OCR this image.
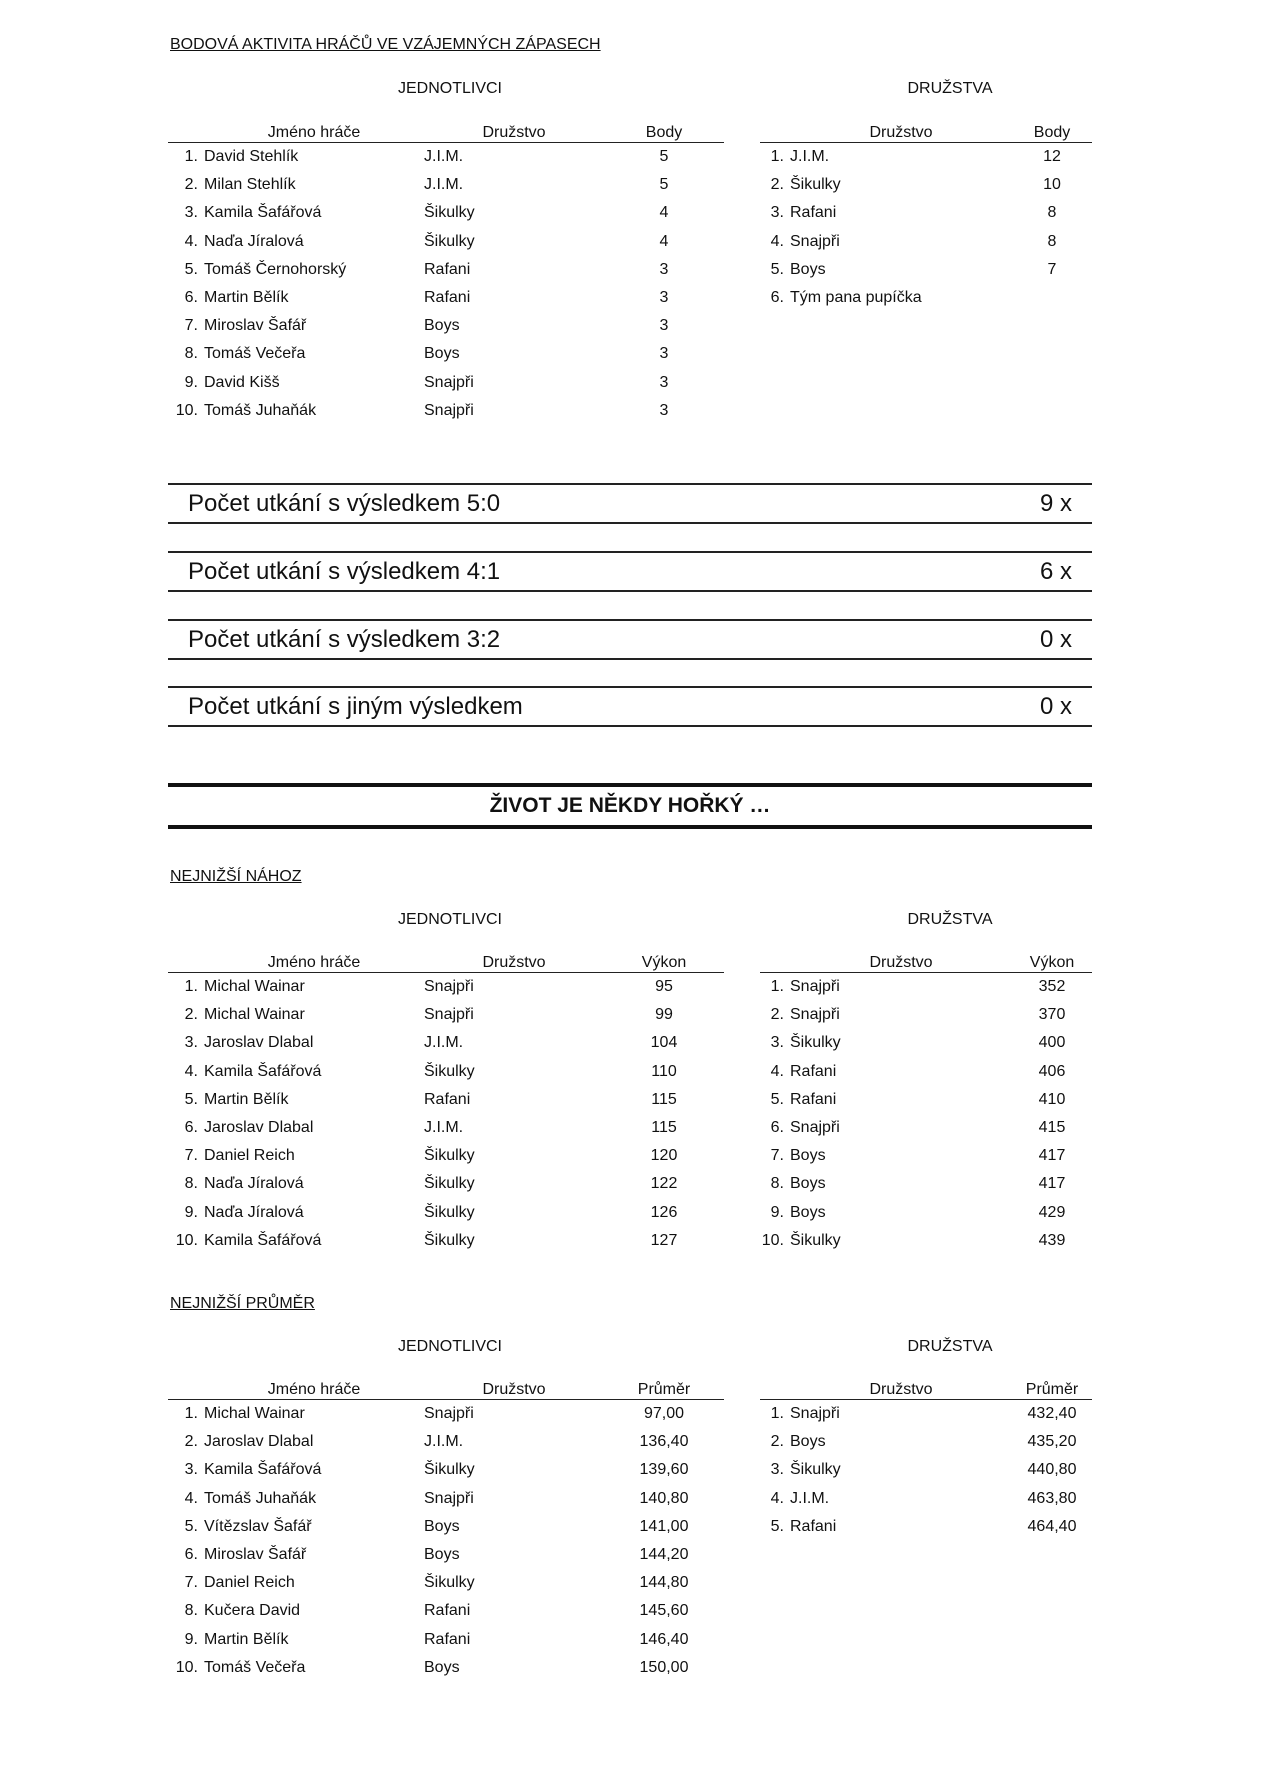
BODOVÁ AKTIVITA HRÁČŮ VE VZÁJEMNÝCH ZÁPASECH
JEDNOTLIVCI	DRUŽSTVA
	Jméno hráče	Družstvo	Body
1.	David Stehlík	J.I.M.	5
2.	Milan Stehlík	J.I.M.	5
3.	Kamila Šafářová	Šikulky	4
4.	Naďa Jíralová	Šikulky	4
5.	Tomáš Černohorský	Rafani	3
6.	Martin Bělík	Rafani	3
7.	Miroslav Šafář	Boys	3
8.	Tomáš Večeřa	Boys	3
9.	David Kišš	Snajpři	3
10.	Tomáš Juhaňák	Snajpři	3
	Družstvo	Body
1.	J.I.M.	12
2.	Šikulky	10
3.	Rafani	8
4.	Snajpři	8
5.	Boys	7
6.	Tým pana pupíčka	
Počet utkání s výsledkem 5:0	9 x
Počet utkání s výsledkem 4:1	6 x
Počet utkání s výsledkem 3:2	0 x
Počet utkání s jiným výsledkem	0 x
ŽIVOT JE NĚKDY HOŘKÝ …
NEJNIŽŠÍ NÁHOZ
JEDNOTLIVCI	DRUŽSTVA
	Jméno hráče	Družstvo	Výkon
1.	Michal Wainar	Snajpři	95
2.	Michal Wainar	Snajpři	99
3.	Jaroslav Dlabal	J.I.M.	104
4.	Kamila Šafářová	Šikulky	110
5.	Martin Bělík	Rafani	115
6.	Jaroslav Dlabal	J.I.M.	115
7.	Daniel Reich	Šikulky	120
8.	Naďa Jíralová	Šikulky	122
9.	Naďa Jíralová	Šikulky	126
10.	Kamila Šafářová	Šikulky	127
	Družstvo	Výkon
1.	Snajpři	352
2.	Snajpři	370
3.	Šikulky	400
4.	Rafani	406
5.	Rafani	410
6.	Snajpři	415
7.	Boys	417
8.	Boys	417
9.	Boys	429
10.	Šikulky	439
NEJNIŽŠÍ PRŮMĚR
JEDNOTLIVCI	DRUŽSTVA
	Jméno hráče	Družstvo	Průměr
1.	Michal Wainar	Snajpři	97,00
2.	Jaroslav Dlabal	J.I.M.	136,40
3.	Kamila Šafářová	Šikulky	139,60
4.	Tomáš Juhaňák	Snajpři	140,80
5.	Vítězslav Šafář	Boys	141,00
6.	Miroslav Šafář	Boys	144,20
7.	Daniel Reich	Šikulky	144,80
8.	Kučera David	Rafani	145,60
9.	Martin Bělík	Rafani	146,40
10.	Tomáš Večeřa	Boys	150,00
	Družstvo	Průměr
1.	Snajpři	432,40
2.	Boys	435,20
3.	Šikulky	440,80
4.	J.I.M.	463,80
5.	Rafani	464,40
